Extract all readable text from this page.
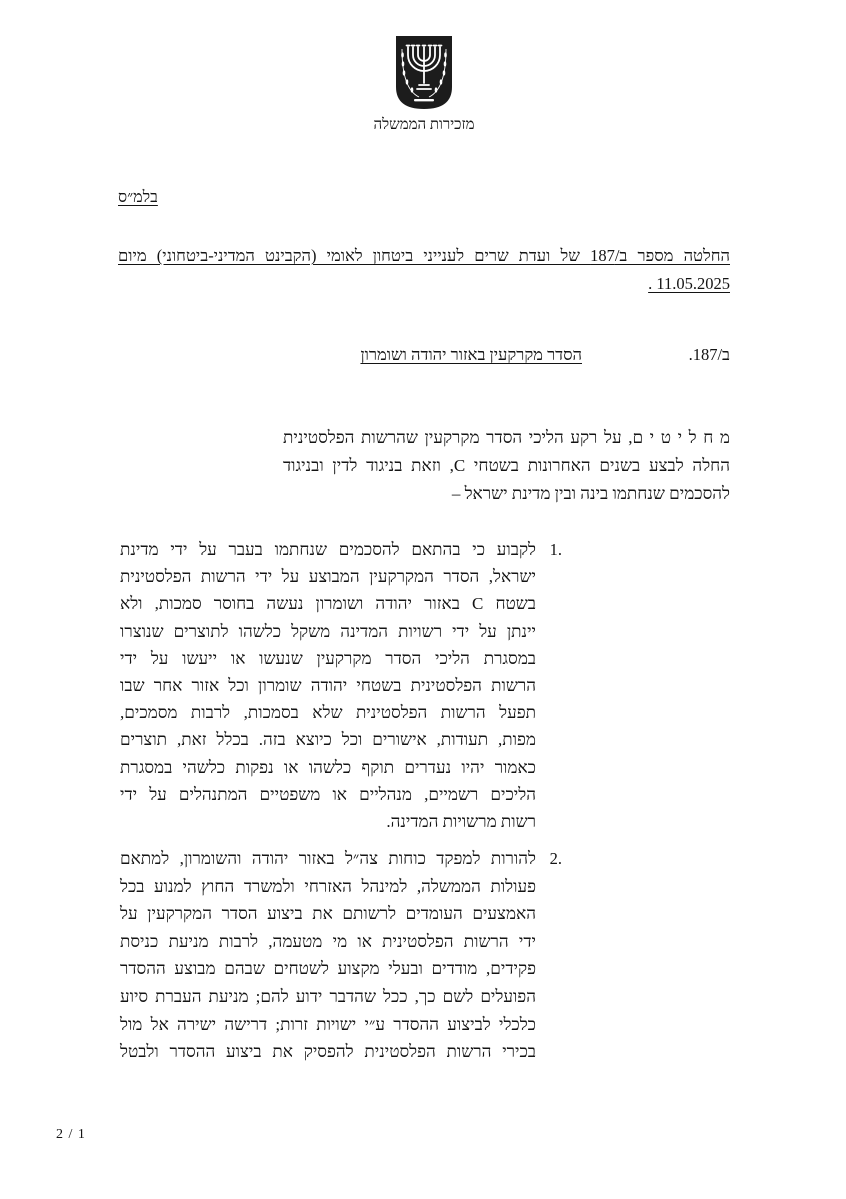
מזכירות הממשלה
בלמ״ס
החלטה מספר ב/187 של ועדת שרים לענייני ביטחון לאומי (הקבינט המדיני-ביטחוני) מיום
. 11.05.2025
ב/187.
הסדר מקרקעין באזור יהודה ושומרון
מ ח ל י ט י ם, על רקע הליכי הסדר מקרקעין שהרשות הפלסטינית
החלה לבצע בשנים האחרונות בשטחי C, וזאת בניגוד לדין ובניגוד
להסכמים שנחתמו בינה ובין מדינת ישראל –
1.
לקבוע כי בהתאם להסכמים שנחתמו בעבר על ידי מדינת
ישראל, הסדר המקרקעין המבוצע על ידי הרשות הפלסטינית
בשטח C באזור יהודה ושומרון נעשה בחוסר סמכות, ולא
יינתן על ידי רשויות המדינה משקל כלשהו לתוצרים שנוצרו
במסגרת הליכי הסדר מקרקעין שנעשו או ייעשו על ידי
הרשות הפלסטינית בשטחי יהודה שומרון וכל אזור אחר שבו
תפעל הרשות הפלסטינית שלא בסמכות, לרבות מסמכים,
מפות, תעודות, אישורים וכל כיוצא בזה. בכלל זאת, תוצרים
כאמור יהיו נעדרים תוקף כלשהו או נפקות כלשהי במסגרת
הליכים רשמיים, מנהליים או משפטיים המתנהלים על ידי
רשות מרשויות המדינה.
2.
להורות למפקד כוחות צה״ל באזור יהודה והשומרון, למתאם
פעולות הממשלה, למינהל האזרחי ולמשרד החוץ למנוע בכל
האמצעים העומדים לרשותם את ביצוע הסדר המקרקעין על
ידי הרשות הפלסטינית או מי מטעמה, לרבות מניעת כניסת
פקידים, מודדים ובעלי מקצוע לשטחים שבהם מבוצע ההסדר
הפועלים לשם כך, ככל שהדבר ידוע להם; מניעת העברת סיוע
כלכלי לביצוע ההסדר ע״י ישויות זרות; דרישה ישירה אל מול
בכירי הרשות הפלסטינית להפסיק את ביצוע ההסדר ולבטל
2 / 1
